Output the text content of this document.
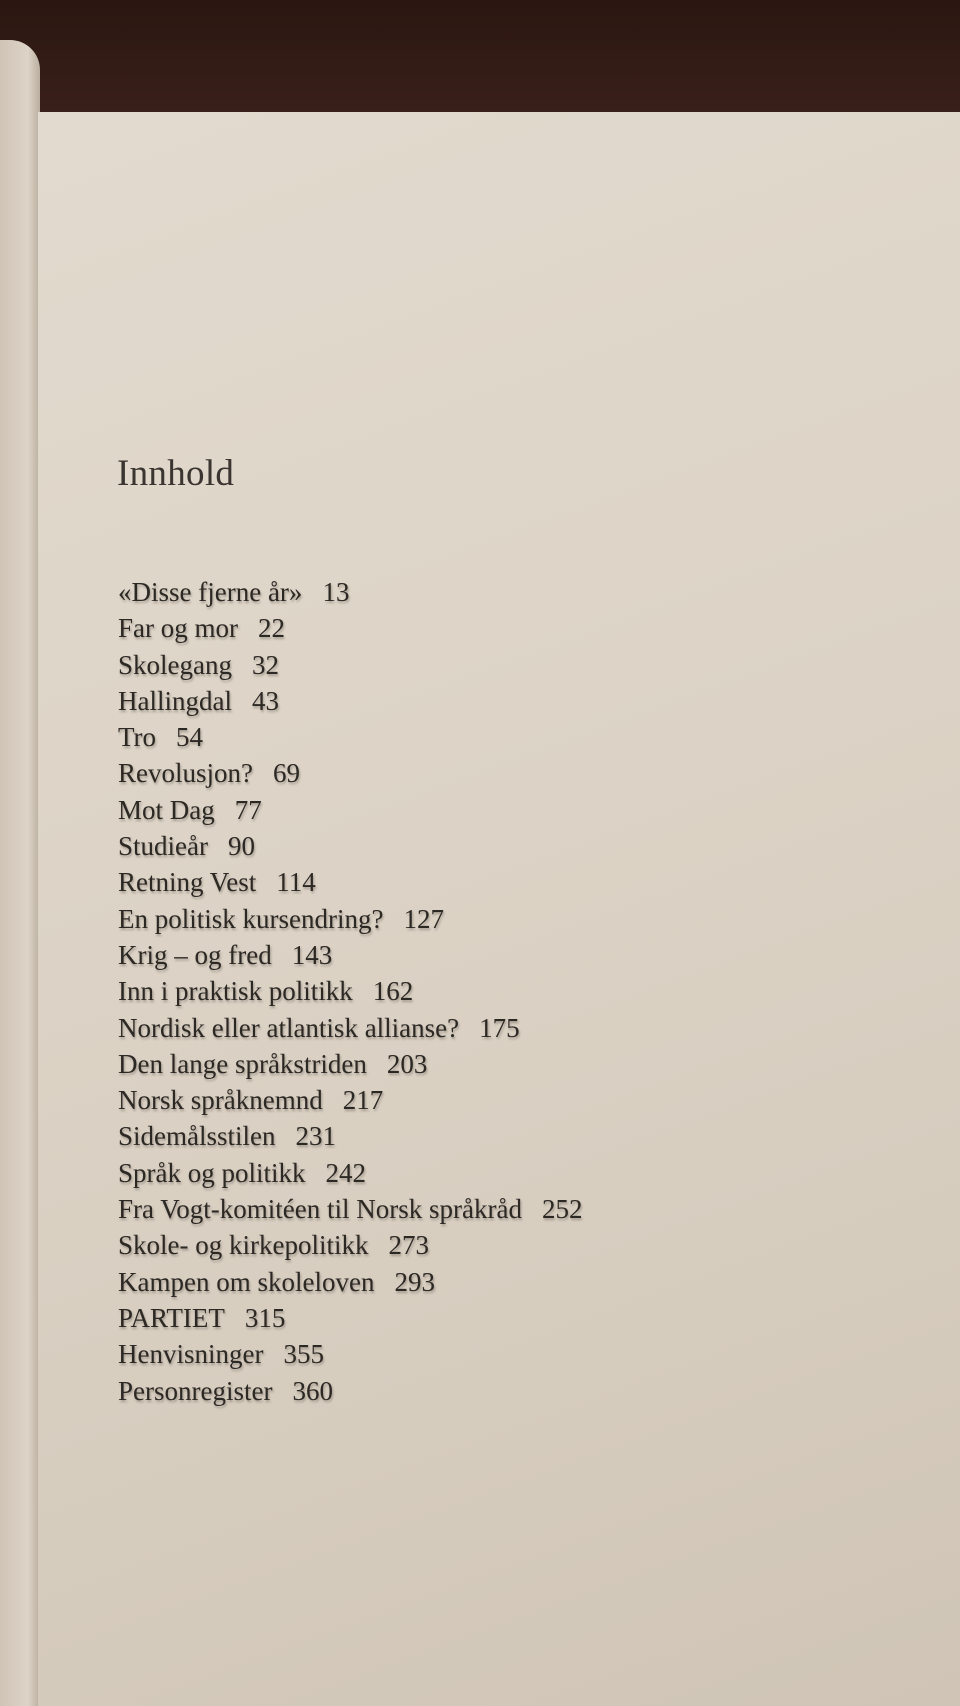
Innhold
«Disse fjerne år» 13
Far og mor 22
Skolegang 32
Hallingdal 43
Tro 54
Revolusjon? 69
Mot Dag 77
Studieår 90
Retning Vest 114
En politisk kursendring? 127
Krig – og fred 143
Inn i praktisk politikk 162
Nordisk eller atlantisk allianse? 175
Den lange språkstriden 203
Norsk språknemnd 217
Sidemålsstilen 231
Språk og politikk 242
Fra Vogt-komitéen til Norsk språkråd 252
Skole- og kirkepolitikk 273
Kampen om skoleloven 293
PARTIET 315
Henvisninger 355
Personregister 360
